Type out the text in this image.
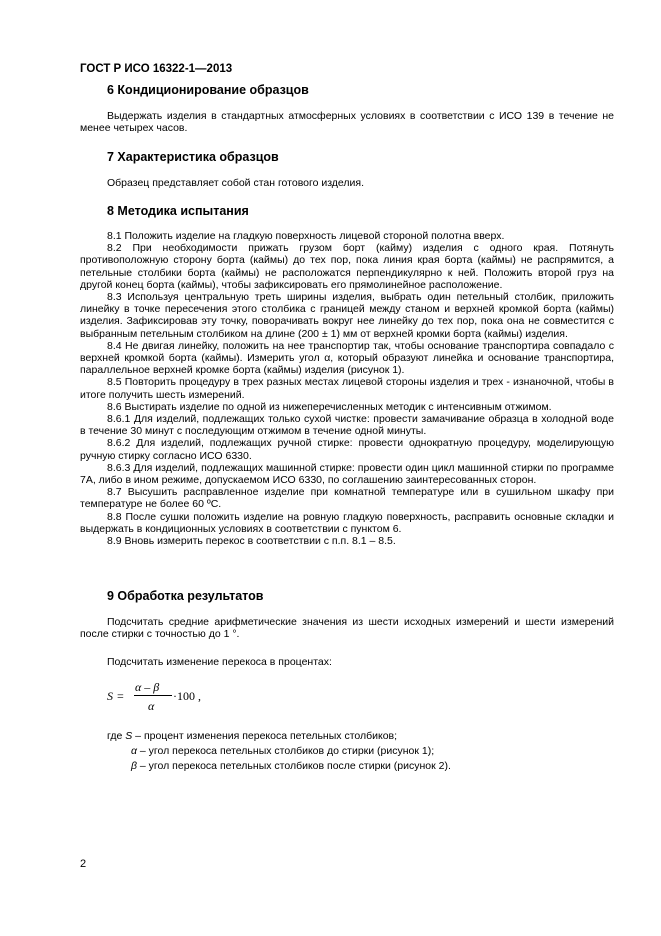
ГОСТ Р ИСО 16322-1—2013
6 Кондиционирование образцов
Выдержать изделия в стандартных атмосферных условиях в соответствии с ИСО 139 в течение не менее четырех часов.
7 Характеристика образцов
Образец представляет собой стан готового изделия.
8 Методика испытания
8.1 Положить изделие на гладкую поверхность лицевой стороной полотна вверх.
8.2 При необходимости прижать грузом борт (кайму) изделия с одного края. Потянуть противоположную сторону борта (каймы) до тех пор, пока линия края борта (каймы) не распрямится, а петельные столбики борта (каймы) не расположатся перпендикулярно к ней. Положить второй груз на другой конец борта (каймы), чтобы зафиксировать его прямолинейное расположение.
8.3 Используя центральную треть ширины изделия, выбрать один петельный столбик, приложить линейку в точке пересечения этого столбика с границей между станом и верхней кромкой борта (каймы) изделия. Зафиксировав эту точку, поворачивать вокруг нее линейку до тех пор, пока она не совместится с выбранным петельным столбиком на длине (200 ± 1) мм от верхней кромки борта (каймы) изделия.
8.4 Не двигая линейку, положить на нее транспортир так, чтобы основание транспортира совпадало с верхней кромкой борта (каймы). Измерить угол α, который образуют линейка и основание транспортира, параллельное верхней кромке борта (каймы) изделия (рисунок 1).
8.5 Повторить процедуру в трех разных местах лицевой стороны изделия и трех - изнаночной, чтобы в итоге получить шесть измерений.
8.6 Выстирать изделие по одной из нижеперечисленных методик с интенсивным отжимом.
8.6.1 Для изделий, подлежащих только сухой чистке: провести замачивание образца в холодной воде в течение 30 минут с последующим отжимом в течение одной минуты.
8.6.2 Для изделий, подлежащих ручной стирке: провести однократную процедуру, моделирующую ручную стирку согласно ИСО 6330.
8.6.3 Для изделий, подлежащих машинной стирке: провести один цикл машинной стирки по программе 7А, либо в ином режиме, допускаемом ИСО 6330, по соглашению заинтересованных сторон.
8.7 Высушить расправленное изделие при комнатной температуре или в сушильном шкафу при температуре не более 60 ºС.
8.8 После сушки положить изделие на ровную гладкую поверхность, расправить основные складки и выдержать в кондиционных условиях в соответствии с пунктом 6.
8.9 Вновь измерить перекос в соответствии с п.п. 8.1 – 8.5.
9 Обработка результатов
Подсчитать средние арифметические значения из шести исходных измерений и шести измерений после стирки с точностью до 1 °.
Подсчитать изменение перекоса в процентах:
S =
α – β
α
·100 ,
где S – процент изменения перекоса петельных столбиков;
α – угол перекоса петельных столбиков до стирки (рисунок 1);
β – угол перекоса петельных столбиков после стирки (рисунок 2).
2
